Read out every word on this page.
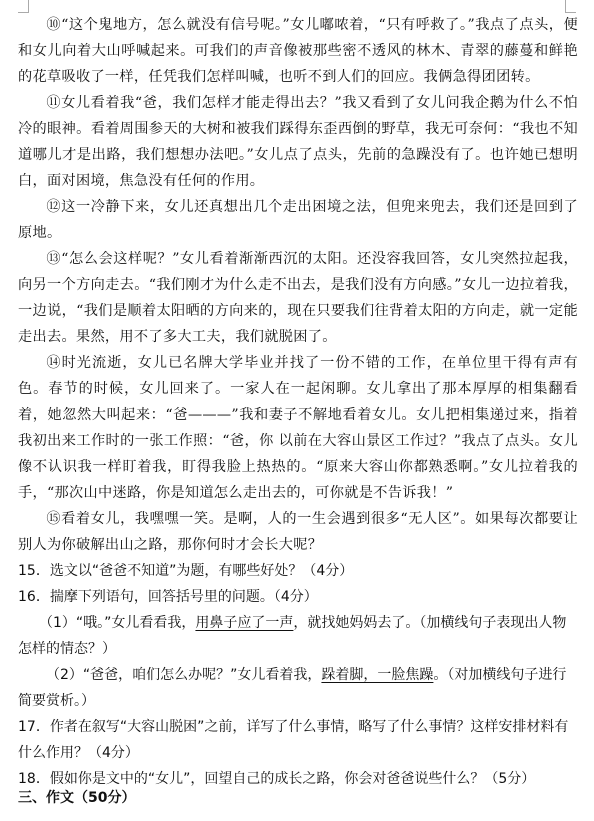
⑩“这个鬼地方，怎么就没有信号呢。”女儿嘟哝着，“只有呼救了。”我点了点头，便和女儿向着大山呼喊起来。可我们的声音像被那些密不透风的林木、青翠的藤蔓和鲜艳的花草吸收了一样，任凭我们怎样叫喊，也听不到人们的回应。我俩急得团团转。

⑪女儿看着我“爸，我们怎样才能走得出去？”我又看到了女儿问我企鹅为什么不怕冷的眼神。看着周围参天的大树和被我们踩得东歪西倒的野草，我无可奈何：“我也不知道哪儿才是出路，我们想想办法吧。”女儿点了点头，先前的急躁没有了。也许她已想明白，面对困境，焦急没有任何的作用。

⑫这一冷静下来，女儿还真想出几个走出困境之法，但兜来兜去，我们还是回到了原地。

⑬“怎么会这样呢？”女儿看着渐渐西沉的太阳。还没容我回答，女儿突然拉起我，向另一个方向走去。“我们刚才为什么走不出去，是我们没有方向感。”女儿一边拉着我，一边说，“我们是顺着太阳晒的方向来的，现在只要我们往背着太阳的方向走，就一定能走出去。果然，用不了多大工夫，我们就脱困了。

⑭时光流逝，女儿已名牌大学毕业并找了一份不错的工作，在单位里干得有声有色。春节的时候，女儿回来了。一家人在一起闲聊。女儿拿出了那本厚厚的相集翻看着，她忽然大叫起来：“爸———”我和妻子不解地看着女儿。女儿把相集递过来，指着我初出来工作时的一张工作照：“爸，你 以前在大容山景区工作过？”我点了点头。女儿像不认识我一样盯着我，盯得我脸上热热的。“原来大容山你都熟悉啊。”女儿拉着我的手，“那次山中迷路，你是知道怎么走出去的，可你就是不告诉我！”

⑮看着女儿，我嘿嘿一笑。是啊，人的一生会遇到很多“无人区”。如果每次都要让别人为你破解出山之路，那你何时才会长大呢？

15．选文以“爸爸不知道”为题，有哪些好处？（4分）

16．揣摩下列语句，回答括号里的问题。（4分）

（1）“哦。”女儿看看我，用鼻子应了一声，就找她妈妈去了。（加横线句子表现出人物怎样的情态？）

（2）“爸爸，咱们怎么办呢？”女儿看着我，跺着脚，一脸焦躁。（对加横线句子进行简要赏析。）

17．作者在叙写“大容山脱困”之前，详写了什么事情，略写了什么事情？这样安排材料有什么作用？（4分）

18．假如你是文中的“女儿”，回望自己的成长之路，你会对爸爸说些什么？（5分）

三、作文（50分）
